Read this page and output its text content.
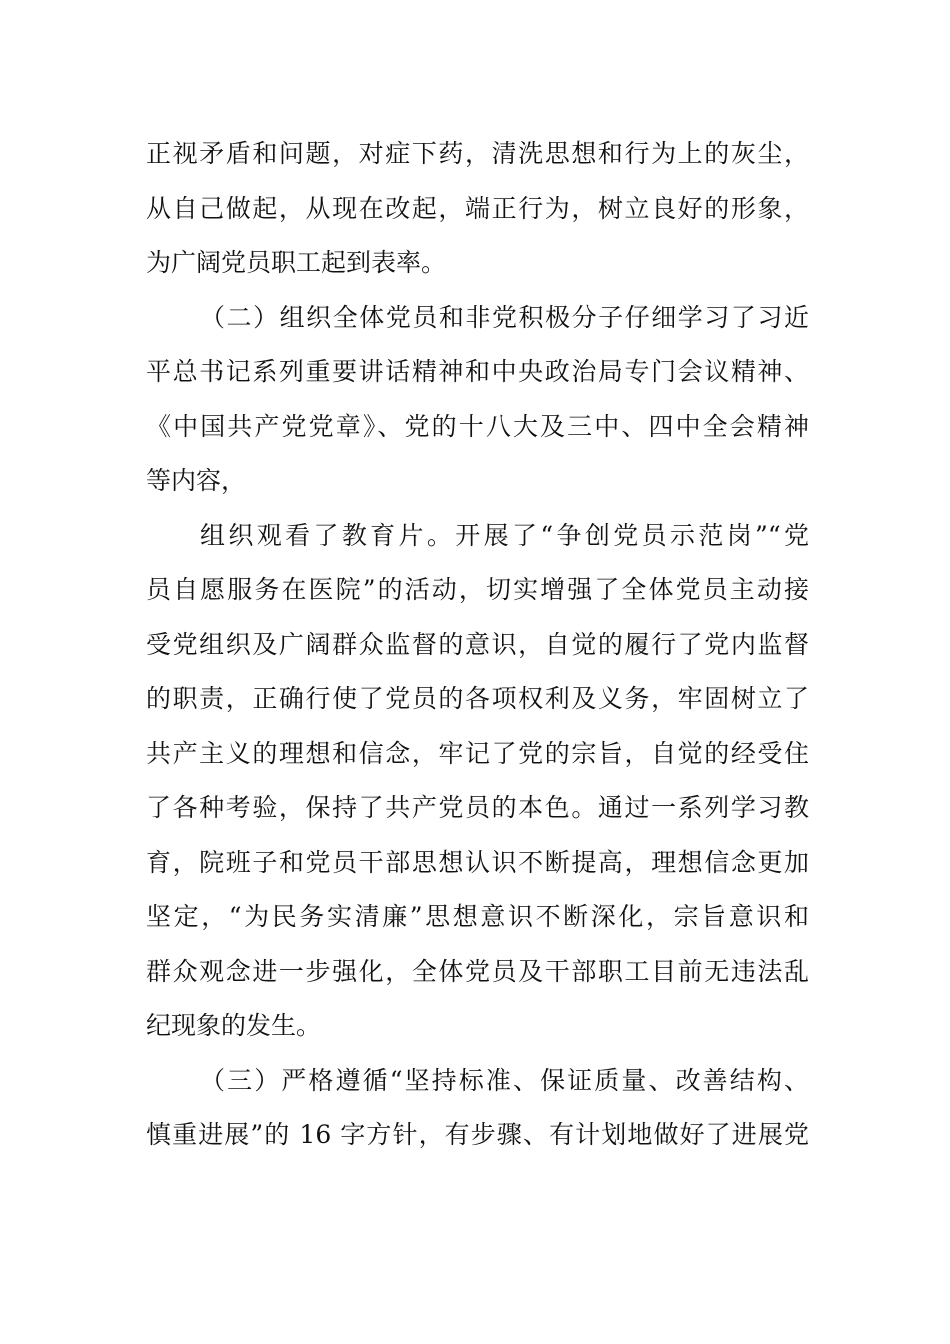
正视矛盾和问题，对症下药，清洗思想和行为上的灰尘，
从自己做起，从现在改起，端正行为，树立良好的形象，
为广阔党员职工起到表率。

（二）组织全体党员和非党积极分子仔细学习了习近
平总书记系列重要讲话精神和中央政治局专门会议精神、
《中国共产党党章》、党的十八大及三中、四中全会精神
等内容，

组织观看了教育片。开展了“争创党员示范岗”“党
员自愿服务在医院”的活动，切实增强了全体党员主动接
受党组织及广阔群众监督的意识，自觉的履行了党内监督
的职责，正确行使了党员的各项权利及义务，牢固树立了
共产主义的理想和信念，牢记了党的宗旨，自觉的经受住
了各种考验，保持了共产党员的本色。通过一系列学习教
育，院班子和党员干部思想认识不断提高，理想信念更加
坚定，“为民务实清廉”思想意识不断深化，宗旨意识和
群众观念进一步强化，全体党员及干部职工目前无违法乱
纪现象的发生。

（三）严格遵循“坚持标准、保证质量、改善结构、
慎重进展”的 16 字方针，有步骤、有计划地做好了进展党
